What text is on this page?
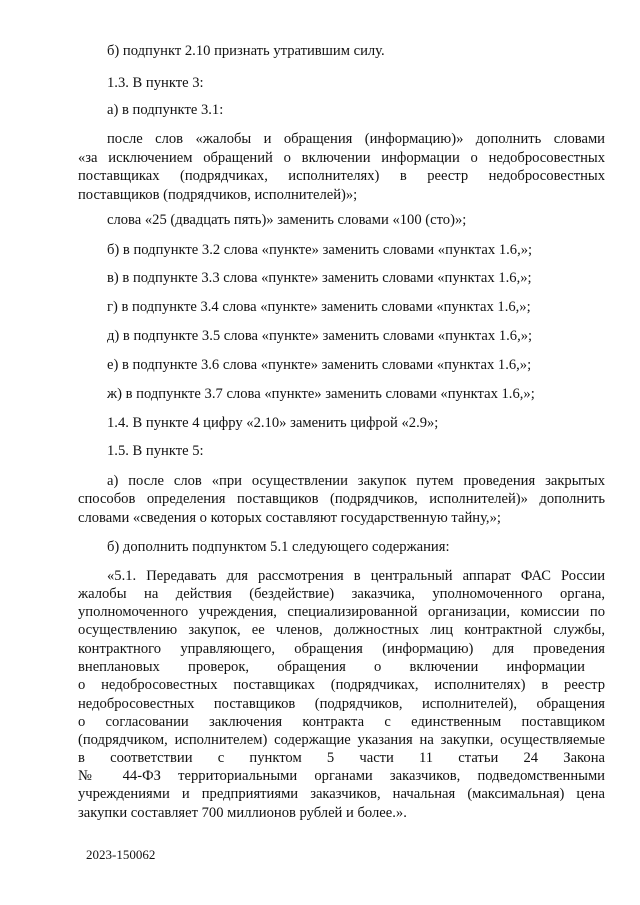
б) подпункт 2.10 признать утратившим силу.
1.3. В пункте 3:
а) в подпункте 3.1:
после слов «жалобы и обращения (информацию)» дополнить словами
«за исключением обращений о включении информации о недобросовестных
поставщиках (подрядчиках, исполнителях) в реестр недобросовестных
поставщиков (подрядчиков, исполнителей)»;
слова «25 (двадцать пять)» заменить словами «100 (сто)»;
б) в подпункте 3.2 слова «пункте» заменить словами «пунктах 1.6,»;
в) в подпункте 3.3 слова «пункте» заменить словами «пунктах 1.6,»;
г) в подпункте 3.4 слова «пункте» заменить словами «пунктах 1.6,»;
д) в подпункте 3.5 слова «пункте» заменить словами «пунктах 1.6,»;
е) в подпункте 3.6 слова «пункте» заменить словами «пунктах 1.6,»;
ж) в подпункте 3.7 слова «пункте» заменить словами «пунктах 1.6,»;
1.4. В пункте 4 цифру «2.10» заменить цифрой «2.9»;
1.5. В пункте 5:
а) после слов «при осуществлении закупок путем проведения закрытых
способов определения поставщиков (подрядчиков, исполнителей)» дополнить
словами «сведения о которых составляют государственную тайну,»;
б) дополнить подпунктом 5.1 следующего содержания:
«5.1. Передавать для рассмотрения в центральный аппарат ФАС России
жалобы на действия (бездействие) заказчика, уполномоченного органа,
уполномоченного учреждения, специализированной организации, комиссии по
осуществлению закупок, ее членов, должностных лиц контрактной службы,
контрактного управляющего, обращения (информацию) для проведения
внеплановых проверок, обращения о включении информации
о недобросовестных поставщиках (подрядчиках, исполнителях) в реестр
недобросовестных поставщиков (подрядчиков, исполнителей), обращения
о согласовании заключения контракта с единственным поставщиком
(подрядчиком, исполнителем) содержащие указания на закупки, осуществляемые
в соответствии с пунктом 5 части 11 статьи 24 Закона
№ 44-ФЗ территориальными органами заказчиков, подведомственными
учреждениями и предприятиями заказчиков, начальная (максимальная) цена
закупки составляет 700 миллионов рублей и более.».
2023-150062
